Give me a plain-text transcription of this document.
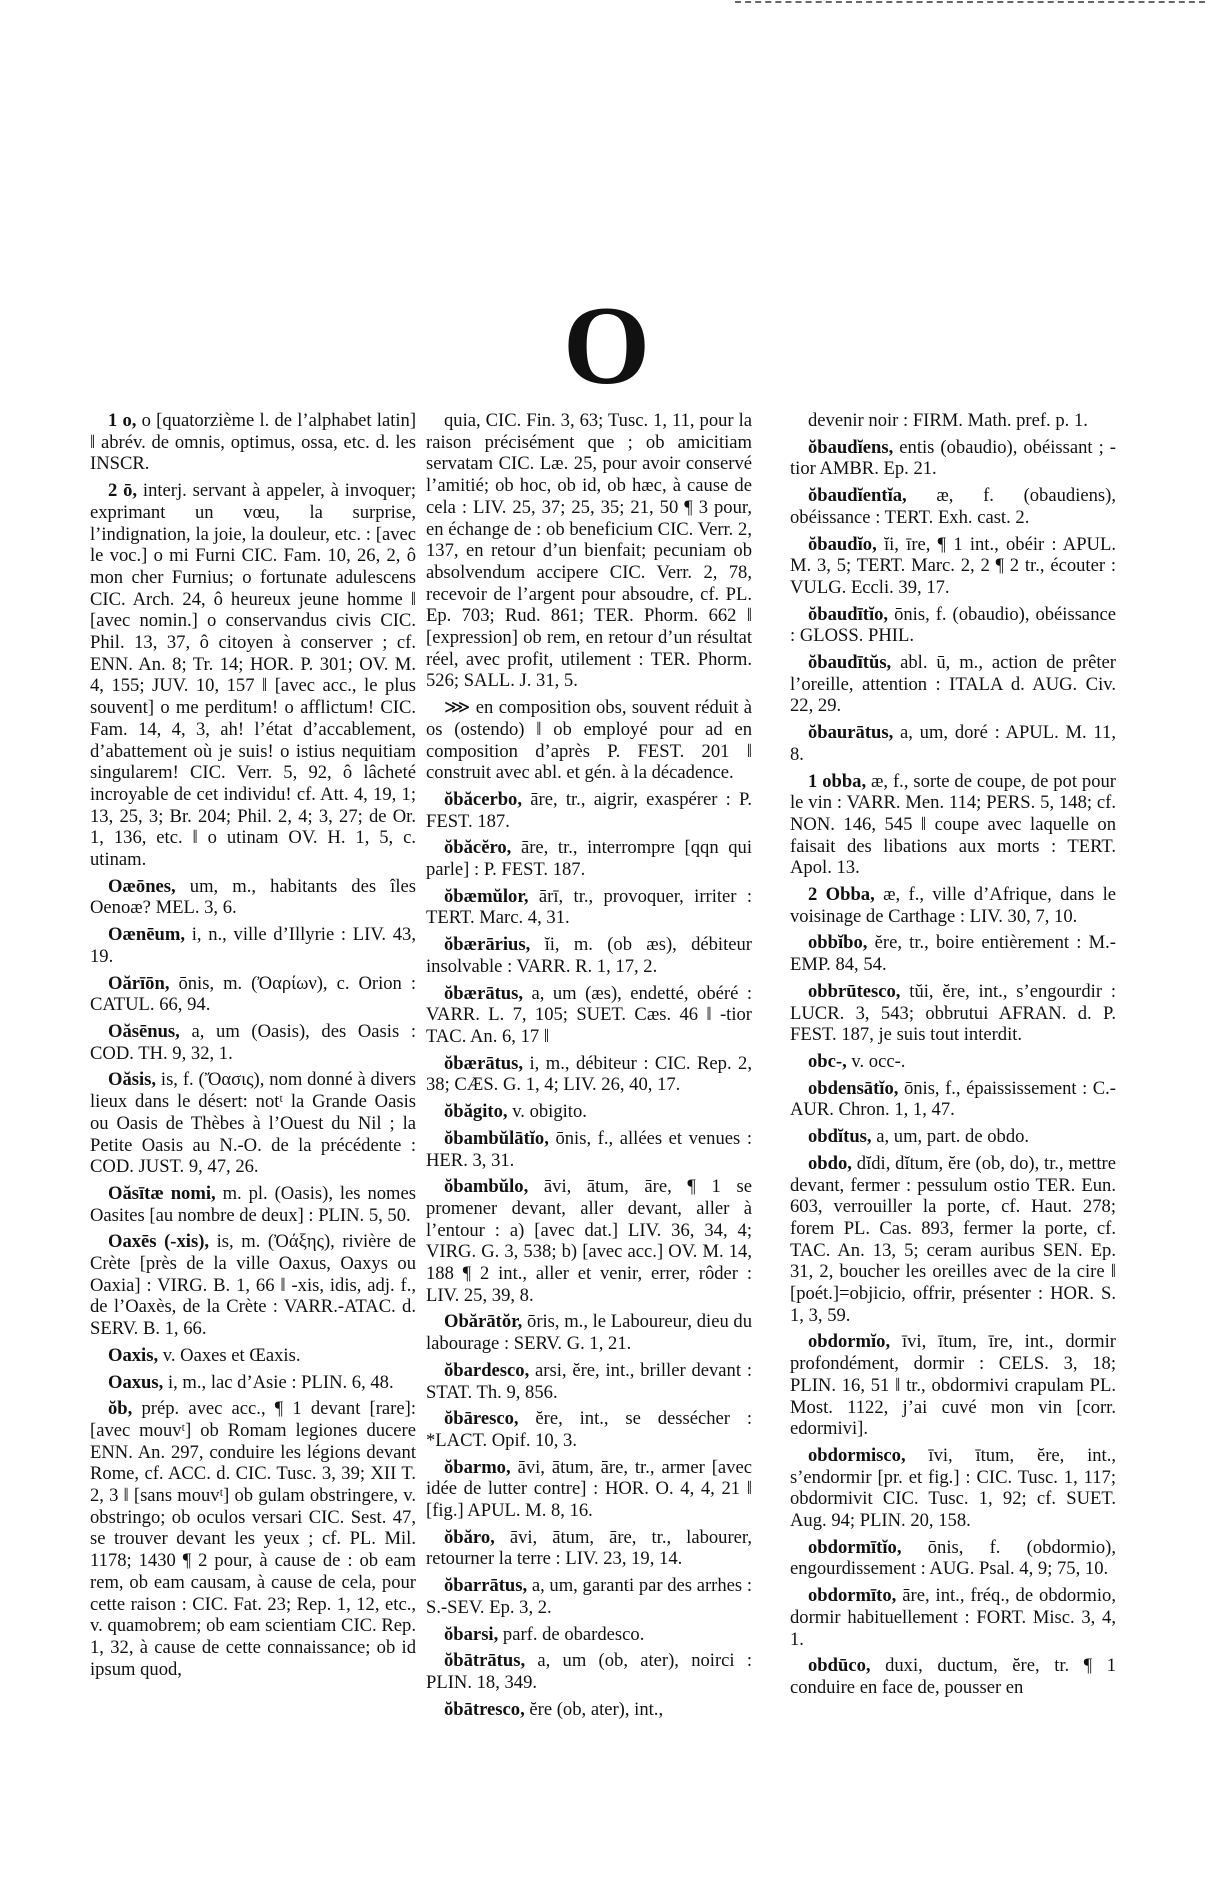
O

1 o, o [quatorzième l. de l’alphabet latin] ‖ abrév. de omnis, optimus, ossa, etc. d. les INSCR.

2 ō, interj. servant à appeler, à invoquer; exprimant un vœu, la surprise, l’indignation, la joie, la douleur, etc. : [avec le voc.] o mi Furni CIC. Fam. 10, 26, 2, ô mon cher Furnius; o fortunate adulescens CIC. Arch. 24, ô heureux jeune homme ‖ [avec nomin.] o conservandus civis CIC. Phil. 13, 37, ô citoyen à conserver ; cf. ENN. An. 8; Tr. 14; HOR. P. 301; OV. M. 4, 155; JUV. 10, 157 ‖ [avec acc., le plus souvent] o me perditum! o afflictum! CIC. Fam. 14, 4, 3, ah! l’état d’accablement, d’abattement où je suis! o istius nequitiam singularem! CIC. Verr. 5, 92, ô lâcheté incroyable de cet individu! cf. Att. 4, 19, 1; 13, 25, 3; Br. 204; Phil. 2, 4; 3, 27; de Or. 1, 136, etc. ‖ o utinam OV. H. 1, 5, c. utinam.

Oæōnes, um, m., habitants des îles Oenoæ? MEL. 3, 6.

Oænēum, i, n., ville d’Illyrie : LIV. 43, 19.

Oărīōn, ōnis, m. (Ὀαρίων), c. Orion : CATUL. 66, 94.

Oăsēnus, a, um (Oasis), des Oasis : COD. TH. 9, 32, 1.

Oăsis, is, f. (Ὄασις), nom donné à divers lieux dans le désert: notᵗ la Grande Oasis ou Oasis de Thèbes à l’Ouest du Nil ; la Petite Oasis au N.-O. de la précédente : COD. JUST. 9, 47, 26.

Oăsītæ nomi, m. pl. (Oasis), les nomes Oasites [au nombre de deux] : PLIN. 5, 50.

Oaxēs (-xis), is, m. (Ὀάξης), rivière de Crète [près de la ville Oaxus, Oaxys ou Oaxia] : VIRG. B. 1, 66 ‖ -xis, idis, adj. f., de l’Oaxès, de la Crète : VARR.-ATAC. d. SERV. B. 1, 66.

Oaxis, v. Oaxes et Œaxis.

Oaxus, i, m., lac d’Asie : PLIN. 6, 48.

ŏb, prép. avec acc., ¶ 1 devant [rare]: [avec mouvᵗ] ob Romam legiones ducere ENN. An. 297, conduire les légions devant Rome, cf. ACC. d. CIC. Tusc. 3, 39; XII T. 2, 3 ‖ [sans mouvᵗ] ob gulam obstringere, v. obstringo; ob oculos versari CIC. Sest. 47, se trouver devant les yeux ; cf. PL. Mil. 1178; 1430 ¶ 2 pour, à cause de : ob eam rem, ob eam causam, à cause de cela, pour cette raison : CIC. Fat. 23; Rep. 1, 12, etc., v. quamobrem; ob eam scientiam CIC. Rep. 1, 32, à cause de cette connaissance; ob id ipsum quod,

quia, CIC. Fin. 3, 63; Tusc. 1, 11, pour la raison précisément que ; ob amicitiam servatam CIC. Læ. 25, pour avoir conservé l’amitié; ob hoc, ob id, ob hæc, à cause de cela : LIV. 25, 37; 25, 35; 21, 50 ¶ 3 pour, en échange de : ob beneficium CIC. Verr. 2, 137, en retour d’un bienfait; pecuniam ob absolvendum accipere CIC. Verr. 2, 78, recevoir de l’argent pour absoudre, cf. PL. Ep. 703; Rud. 861; TER. Phorm. 662 ‖ [expression] ob rem, en retour d’un résultat réel, avec profit, utilement : TER. Phorm. 526; SALL. J. 31, 5.

⋙ en composition obs, souvent réduit à os (ostendo) ‖ ob employé pour ad en composition d’après P. FEST. 201 ‖ construit avec abl. et gén. à la décadence.

ŏbăcerbo, āre, tr., aigrir, exaspérer : P. FEST. 187.

ŏbăcĕro, āre, tr., interrompre [qqn qui parle] : P. FEST. 187.

ŏbæmŭlor, ārī, tr., provoquer, irriter : TERT. Marc. 4, 31.

ŏbærārius, ĭi, m. (ob æs), débiteur insolvable : VARR. R. 1, 17, 2.

ŏbærātus, a, um (æs), endetté, obéré : VARR. L. 7, 105; SUET. Cæs. 46 ‖ -tior TAC. An. 6, 17 ‖

ŏbærātus, i, m., débiteur : CIC. Rep. 2, 38; CÆS. G. 1, 4; LIV. 26, 40, 17.

ŏbăgito, v. obigito.

ŏbambŭlātĭo, ōnis, f., allées et venues : HER. 3, 31.

ŏbambŭlo, āvi, ātum, āre, ¶ 1 se promener devant, aller devant, aller à l’entour : a) [avec dat.] LIV. 36, 34, 4; VIRG. G. 3, 538; b) [avec acc.] OV. M. 14, 188 ¶ 2 int., aller et venir, errer, rôder : LIV. 25, 39, 8.

Obărātŏr, ōris, m., le Laboureur, dieu du labourage : SERV. G. 1, 21.

ŏbardesco, arsi, ĕre, int., briller devant : STAT. Th. 9, 856.

ŏbāresco, ĕre, int., se dessécher : *LACT. Opif. 10, 3.

ŏbarmo, āvi, ātum, āre, tr., armer [avec idée de lutter contre] : HOR. O. 4, 4, 21 ‖ [fig.] APUL. M. 8, 16.

ŏbăro, āvi, ātum, āre, tr., labourer, retourner la terre : LIV. 23, 19, 14.

ŏbarrātus, a, um, garanti par des arrhes : S.-SEV. Ep. 3, 2.

ŏbarsi, parf. de obardesco.

ŏbātrātus, a, um (ob, ater), noirci : PLIN. 18, 349.

ŏbātresco, ĕre (ob, ater), int.,

devenir noir : FIRM. Math. pref. p. 1.

ŏbaudĭens, entis (obaudio), obéissant ; -tior AMBR. Ep. 21.

ŏbaudĭentĭa, æ, f. (obaudiens), obéissance : TERT. Exh. cast. 2.

ŏbaudĭo, ĭi, īre, ¶ 1 int., obéir : APUL. M. 3, 5; TERT. Marc. 2, 2 ¶ 2 tr., écouter : VULG. Eccli. 39, 17.

ŏbaudītĭo, ōnis, f. (obaudio), obéissance : GLOSS. PHIL.

ŏbaudītŭs, abl. ū, m., action de prêter l’oreille, attention : ITALA d. AUG. Civ. 22, 29.

ŏbaurātus, a, um, doré : APUL. M. 11, 8.

1 obba, æ, f., sorte de coupe, de pot pour le vin : VARR. Men. 114; PERS. 5, 148; cf. NON. 146, 545 ‖ coupe avec laquelle on faisait des libations aux morts : TERT. Apol. 13.

2 Obba, æ, f., ville d’Afrique, dans le voisinage de Carthage : LIV. 30, 7, 10.

obbĭbo, ĕre, tr., boire entièrement : M.-EMP. 84, 54.

obbrūtesco, tŭi, ĕre, int., s’engourdir : LUCR. 3, 543; obbrutui AFRAN. d. P. FEST. 187, je suis tout interdit.

obc-, v. occ-.

obdensātĭo, ōnis, f., épaississement : C.-AUR. Chron. 1, 1, 47.

obdĭtus, a, um, part. de obdo.

obdo, dĭdi, dĭtum, ĕre (ob, do), tr., mettre devant, fermer : pessulum ostio TER. Eun. 603, verrouiller la porte, cf. Haut. 278; forem PL. Cas. 893, fermer la porte, cf. TAC. An. 13, 5; ceram auribus SEN. Ep. 31, 2, boucher les oreilles avec de la cire ‖ [poét.]=objicio, offrir, présenter : HOR. S. 1, 3, 59.

obdormĭo, īvi, ītum, īre, int., dormir profondément, dormir : CELS. 3, 18; PLIN. 16, 51 ‖ tr., obdormivi crapulam PL. Most. 1122, j’ai cuvé mon vin [corr. edormivi].

obdormisco, īvi, ītum, ĕre, int., s’endormir [pr. et fig.] : CIC. Tusc. 1, 117; obdormivit CIC. Tusc. 1, 92; cf. SUET. Aug. 94; PLIN. 20, 158.

obdormītĭo, ōnis, f. (obdormio), engourdissement : AUG. Psal. 4, 9; 75, 10.

obdormīto, āre, int., fréq., de obdormio, dormir habituellement : FORT. Misc. 3, 4, 1.

obdūco, duxi, ductum, ĕre, tr. ¶ 1 conduire en face de, pousser en
